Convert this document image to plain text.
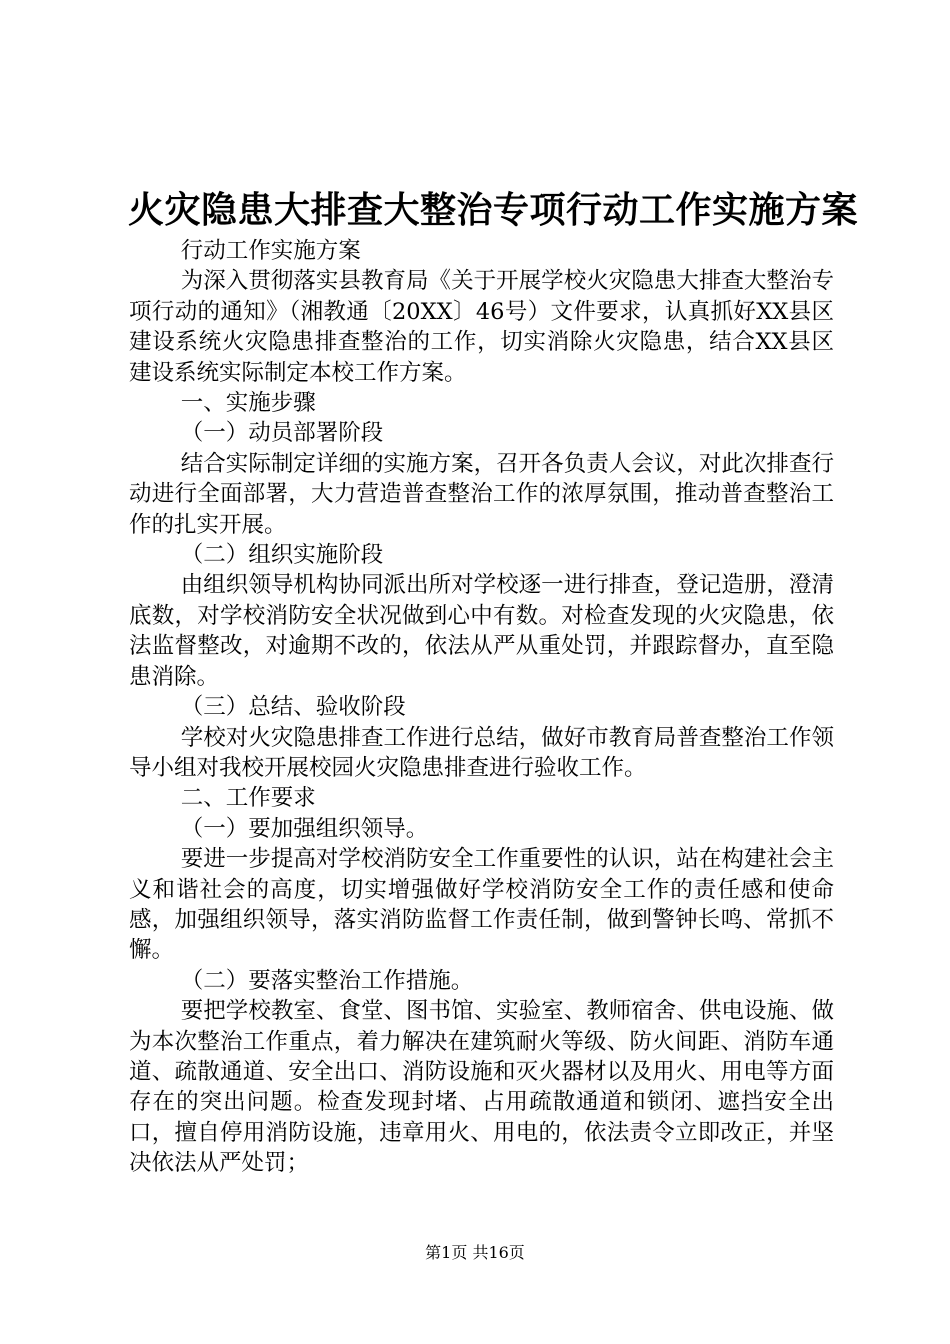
火灾隐患大排查大整治专项行动工作实施方案

行动工作实施方案

为深入贯彻落实县教育局《关于开展学校火灾隐患大排查大整治专项行动的通知》（湘教通〔20XX〕46号）文件要求，认真抓好XX县区建设系统火灾隐患排查整治的工作，切实消除火灾隐患，结合XX县区建设系统实际制定本校工作方案。

一、实施步骤

（一）动员部署阶段

结合实际制定详细的实施方案，召开各负责人会议，对此次排查行动进行全面部署，大力营造普查整治工作的浓厚氛围，推动普查整治工作的扎实开展。

（二）组织实施阶段

由组织领导机构协同派出所对学校逐一进行排查，登记造册，澄清底数，对学校消防安全状况做到心中有数。对检查发现的火灾隐患，依法监督整改，对逾期不改的，依法从严从重处罚，并跟踪督办，直至隐患消除。

（三）总结、验收阶段

学校对火灾隐患排查工作进行总结，做好市教育局普查整治工作领导小组对我校开展校园火灾隐患排查进行验收工作。

二、工作要求

（一）要加强组织领导。

要进一步提高对学校消防安全工作重要性的认识，站在构建社会主义和谐社会的高度，切实增强做好学校消防安全工作的责任感和使命感，加强组织领导，落实消防监督工作责任制，做到警钟长鸣、常抓不懈。

（二）要落实整治工作措施。

要把学校教室、食堂、图书馆、实验室、教师宿舍、供电设施、做为本次整治工作重点，着力解决在建筑耐火等级、防火间距、消防车通道、疏散通道、安全出口、消防设施和灭火器材以及用火、用电等方面存在的突出问题。检查发现封堵、占用疏散通道和锁闭、遮挡安全出口，擅自停用消防设施，违章用火、用电的，依法责令立即改正，并坚决依法从严处罚；

第1页 共16页
